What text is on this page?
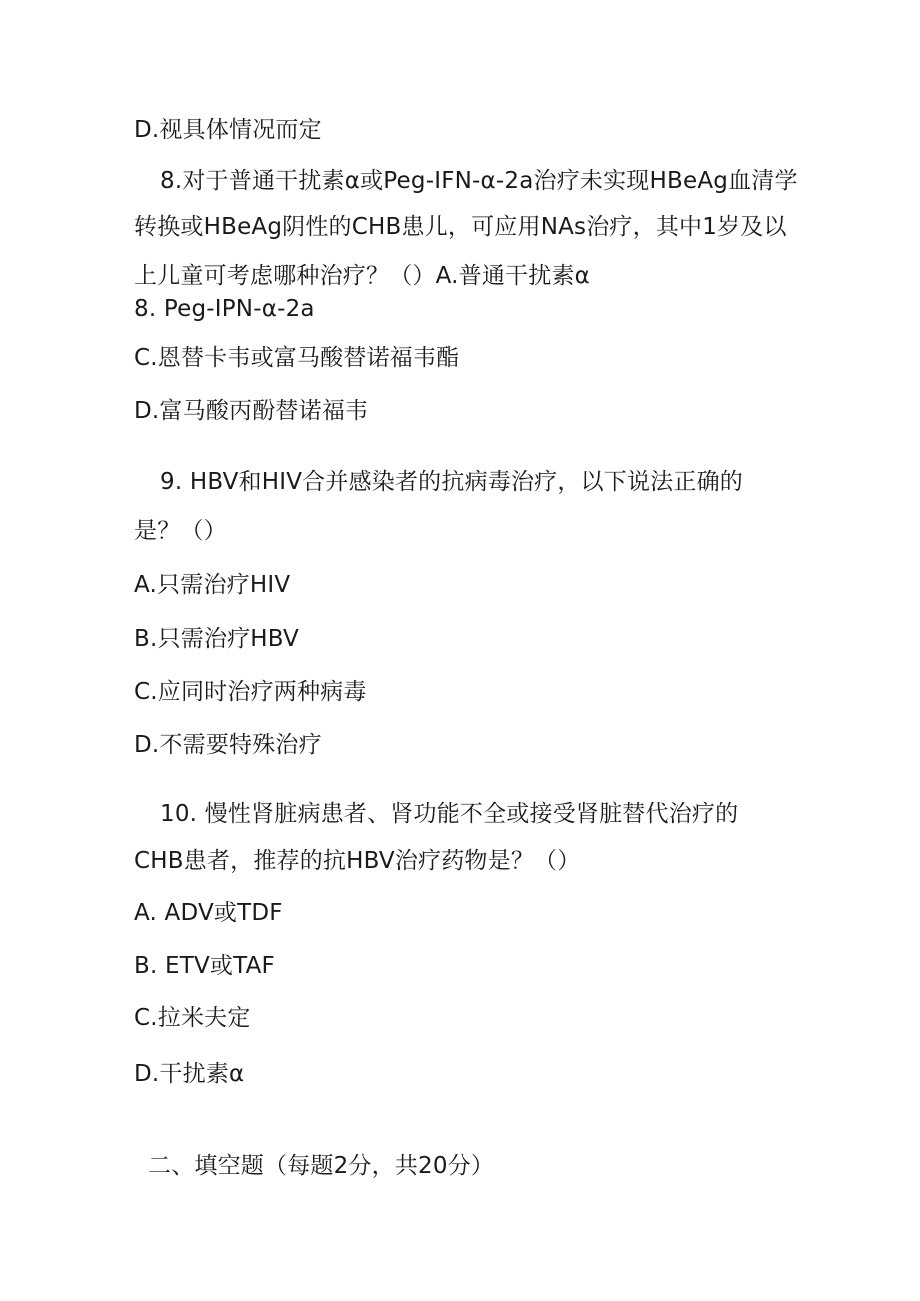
D.视具体情况而定
8.对于普通干扰素α或Peg-IFN-α-2a治疗未实现HBeAg血清学
转换或HBeAg阴性的CHB患儿，可应用NAs治疗，其中1岁及以
上儿童可考虑哪种治疗？（）A.普通干扰素α
8. Peg-IPN-α-2a
C.恩替卡韦或富马酸替诺福韦酯
D.富马酸丙酚替诺福韦
9. HBV和HIV合并感染者的抗病毒治疗，以下说法正确的
是？（）
A.只需治疗HIV
B.只需治疗HBV
C.应同时治疗两种病毒
D.不需要特殊治疗
10. 慢性肾脏病患者、肾功能不全或接受肾脏替代治疗的
CHB患者，推荐的抗HBV治疗药物是？（）
A. ADV或TDF
B. ETV或TAF
C.拉米夫定
D.干扰素α
二、填空题（每题2分，共20分）
